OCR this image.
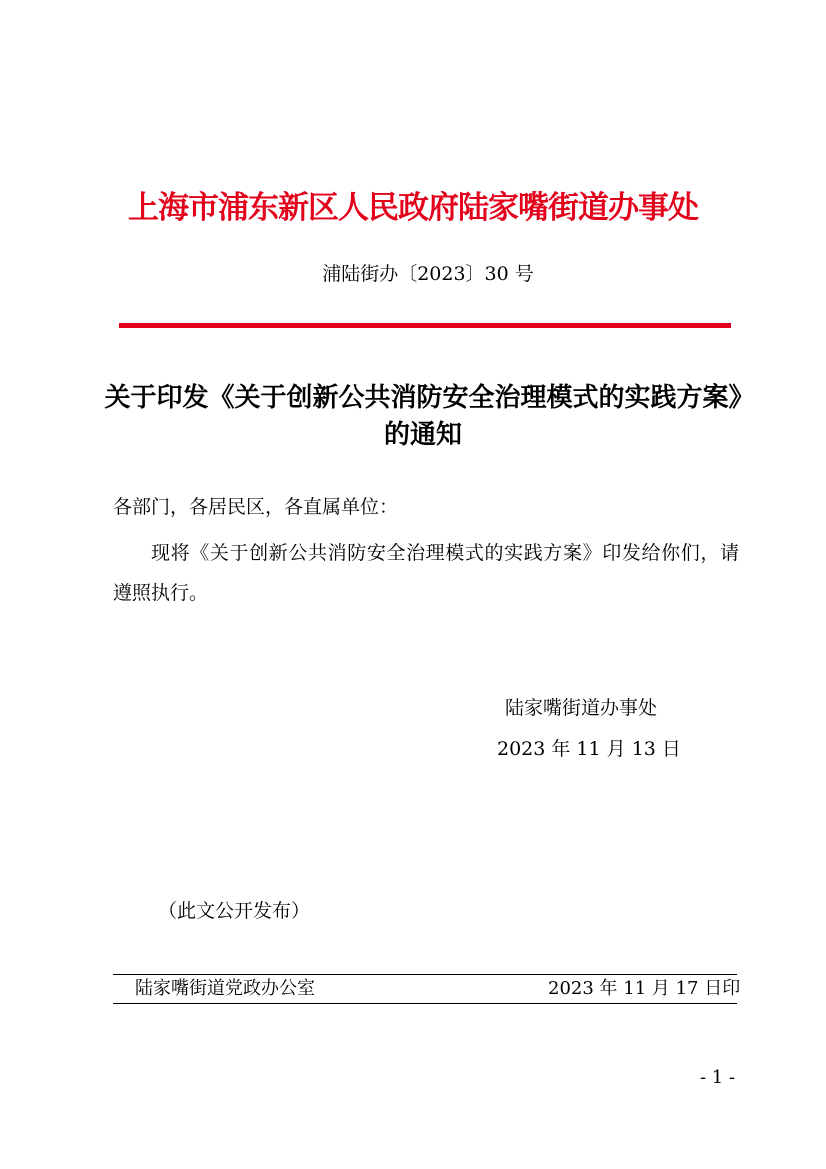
上海市浦东新区人民政府陆家嘴街道办事处
浦陆街办〔2023〕30 号
关于印发《关于创新公共消防安全治理模式的实践方案》的通知
各部门，各居民区，各直属单位：
现将《关于创新公共消防安全治理模式的实践方案》印发给你们，请遵照执行。
陆家嘴街道办事处
2023 年 11 月 13 日
（此文公开发布）
陆家嘴街道党政办公室	2023 年 11 月 17 日印
- 1 -
